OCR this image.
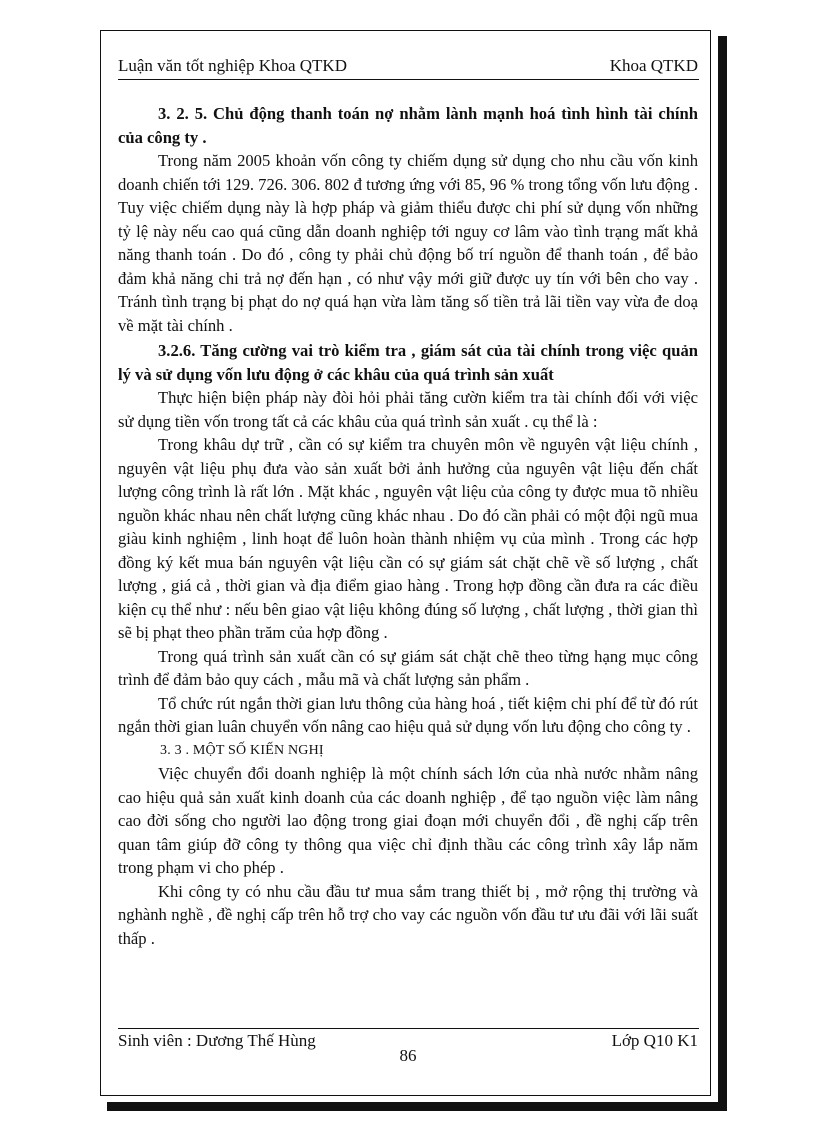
Luận văn tốt nghiệp Khoa QTKD	Khoa QTKD

3. 2. 5. Chủ động thanh toán nợ nhằm lành mạnh hoá tình hình tài chính của công ty .

Trong năm 2005 khoản vốn công ty chiếm dụng sử dụng cho nhu cầu vốn kinh doanh chiến tới 129. 726. 306. 802 đ tương ứng với 85, 96 % trong tổng vốn lưu động . Tuy việc chiếm dụng này là hợp pháp và giảm thiểu được chi phí sử dụng vốn những tỷ lệ này nếu cao quá cũng dẫn doanh nghiệp tới nguy cơ lâm vào tình trạng mất khả năng thanh toán . Do đó , công ty phải chủ động bố trí nguồn để thanh toán , để bảo đảm khả năng chi trả nợ đến hạn , có như vậy mới giữ được uy tín với bên cho vay . Tránh tình trạng bị phạt do nợ quá hạn vừa làm tăng số tiền trả lãi tiền vay vừa đe doạ về mặt tài chính .

3.2.6. Tăng cường vai trò kiểm tra , giám sát của tài chính trong việc quản lý và sử dụng vốn lưu động ở các khâu của quá trình sản xuất

Thực hiện biện pháp này đòi hỏi phải tăng cườn kiểm tra tài chính đối với việc sử dụng tiền vốn trong tất cả các khâu của quá trình sản xuất . cụ thể là :

Trong khâu dự trữ , cần có sự kiểm tra chuyên môn về nguyên vật liệu chính , nguyên vật liệu phụ đưa vào sản xuất bởi ảnh hưởng của nguyên vật liệu đến chất lượng công trình là rất lớn . Mặt khác , nguyên vật liệu của công ty được mua tõ nhiều nguồn khác nhau nên chất lượng cũng khác nhau . Do đó cần phải có một đội ngũ mua giàu kinh nghiệm , linh hoạt để luôn hoàn thành nhiệm vụ của mình . Trong các hợp đồng ký kết mua bán nguyên vật liệu cần có sự giám sát chặt chẽ về số lượng , chất lượng , giá cả , thời gian và địa điểm giao hàng . Trong hợp đồng cần đưa ra các điều kiện cụ thể như : nếu bên giao vật liệu không đúng số lượng , chất lượng , thời gian thì sẽ bị phạt theo phần trăm của hợp đồng .

Trong quá trình sản xuất cần có sự giám sát chặt chẽ theo từng hạng mục công trình để đảm bảo quy cách , mẫu mã và chất lượng sản phẩm .

Tổ chức rút ngắn thời gian lưu thông của hàng hoá , tiết kiệm chi phí để từ đó rút ngắn thời gian luân chuyển vốn nâng cao hiệu quả sử dụng vốn lưu động cho công ty .

3. 3 . MỘT SỐ KIẾN NGHỊ

Việc chuyển đổi doanh nghiệp là một chính sách lớn của nhà nước nhằm nâng cao hiệu quả sản xuất kinh doanh của các doanh nghiệp , để tạo nguồn việc làm nâng cao đời sống cho người lao động trong giai đoạn mới chuyển đổi , đề nghị cấp trên quan tâm giúp đỡ công ty thông qua việc chỉ định thầu các công trình xây lắp năm trong phạm vi cho phép .

Khi công ty có nhu cầu đầu tư mua sắm trang thiết bị , mở rộng thị trường và nghành nghề , đề nghị cấp trên hỗ trợ cho vay các nguồn vốn đầu tư ưu đãi với lãi suất thấp .

Sinh viên : Dương Thế Hùng	Lớp Q10 K1
86
